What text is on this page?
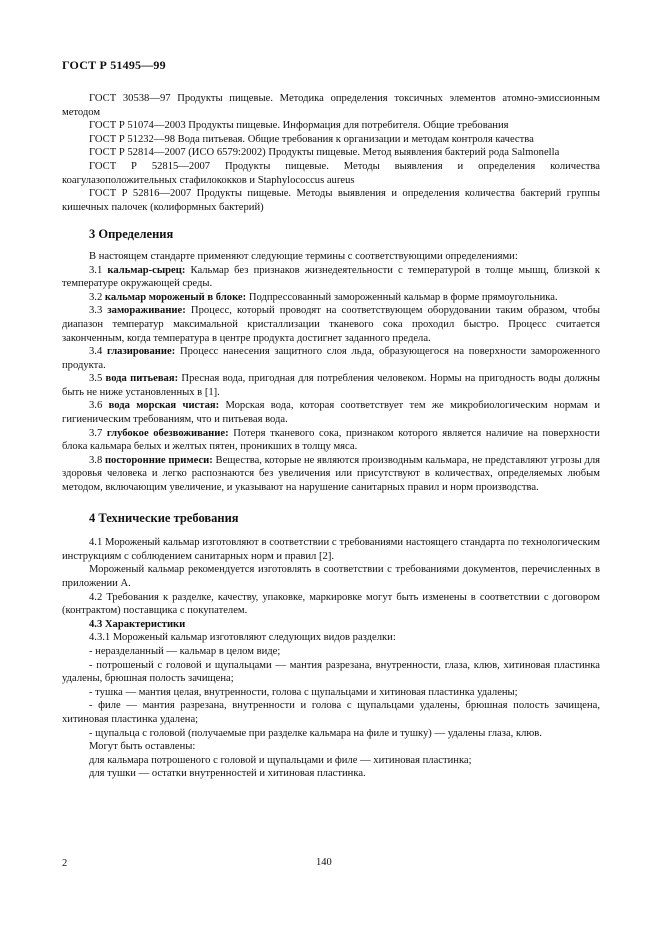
ГОСТ Р 51495—99

ГОСТ 30538—97 Продукты пищевые. Методика определения токсичных элементов атомно-эмиссионным методом

ГОСТ Р 51074—2003 Продукты пищевые. Информация для потребителя. Общие требования

ГОСТ Р 51232—98 Вода питьевая. Общие требования к организации и методам контроля качества

ГОСТ Р 52814—2007 (ИСО 6579:2002) Продукты пищевые. Метод выявления бактерий рода Salmonella

ГОСТ Р 52815—2007 Продукты пищевые. Методы выявления и определения количества коагулазоположительных стафилококков и Staphylococcus aureus

ГОСТ Р 52816—2007 Продукты пищевые. Методы выявления и определения количества бактерий группы кишечных палочек (колиформных бактерий)

3 Определения

В настоящем стандарте применяют следующие термины с соответствующими определениями:

3.1 кальмар-сырец: Кальмар без признаков жизнедеятельности с температурой в толще мышц, близкой к температуре окружающей среды.

3.2 кальмар мороженый в блоке: Подпрессованный замороженный кальмар в форме прямоугольника.

3.3 замораживание: Процесс, который проводят на соответствующем оборудовании таким образом, чтобы диапазон температур максимальной кристаллизации тканевого сока проходил быстро. Процесс считается законченным, когда температура в центре продукта достигнет заданного предела.

3.4 глазирование: Процесс нанесения защитного слоя льда, образующегося на поверхности замороженного продукта.

3.5 вода питьевая: Пресная вода, пригодная для потребления человеком. Нормы на пригодность воды должны быть не ниже установленных в [1].

3.6 вода морская чистая: Морская вода, которая соответствует тем же микробиологическим нормам и гигиеническим требованиям, что и питьевая вода.

3.7 глубокое обезвоживание: Потеря тканевого сока, признаком которого является наличие на поверхности блока кальмара белых и желтых пятен, проникших в толщу мяса.

3.8 посторонние примеси: Вещества, которые не являются производным кальмара, не представляют угрозы для здоровья человека и легко распознаются без увеличения или присутствуют в количествах, определяемых любым методом, включающим увеличение, и указывают на нарушение санитарных правил и норм производства.

4 Технические требования

4.1 Мороженый кальмар изготовляют в соответствии с требованиями настоящего стандарта по технологическим инструкциям с соблюдением санитарных норм и правил [2].

Мороженый кальмар рекомендуется изготовлять в соответствии с требованиями документов, перечисленных в приложении А.

4.2 Требования к разделке, качеству, упаковке, маркировке могут быть изменены в соответствии с договором (контрактом) поставщика с покупателем.

4.3 Характеристики

4.3.1 Мороженый кальмар изготовляют следующих видов разделки:

- неразделанный — кальмар в целом виде;

- потрошеный с головой и щупальцами — мантия разрезана, внутренности, глаза, клюв, хитиновая пластинка удалены, брюшная полость зачищена;

- тушка — мантия целая, внутренности, голова с щупальцами и хитиновая пластинка удалены;

- филе — мантия разрезана, внутренности и голова с щупальцами удалены, брюшная полость зачищена, хитиновая пластинка удалена;

- щупальца с головой (получаемые при разделке кальмара на филе и тушку) — удалены глаза, клюв.

Могут быть оставлены:

для кальмара потрошеного с головой и щупальцами и филе — хитиновая пластинка;

для тушки — остатки внутренностей и хитиновая пластинка.

2	140
